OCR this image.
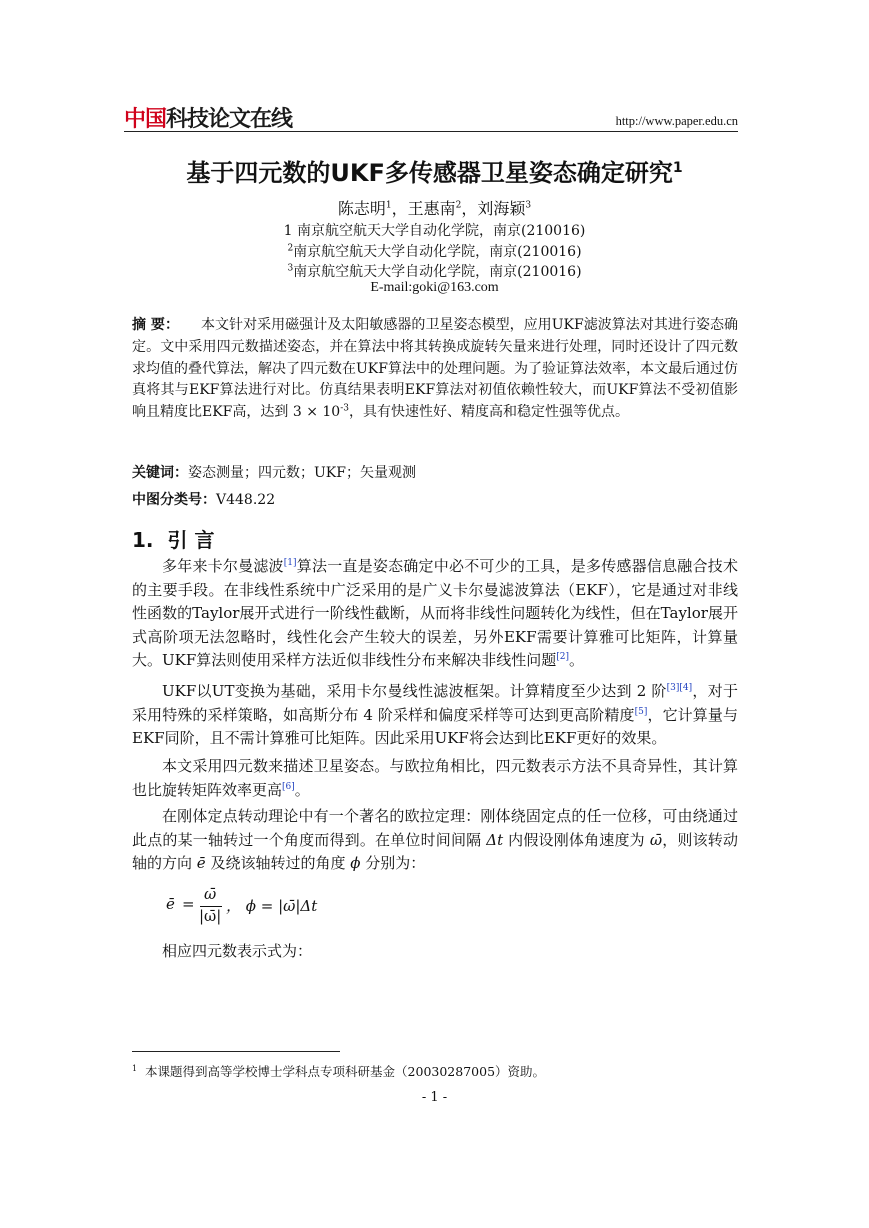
中国科技论文在线	http://www.paper.edu.cn
基于四元数的UKF多传感器卫星姿态确定研究$^1$
陈志明$^1$，王惠南$^2$，刘海颖$^3$
1 南京航空航天大学自动化学院，南京(210016)
$^2$南京航空航天大学自动化学院，南京(210016)
$^3$南京航空航天大学自动化学院，南京(210016)
E-mail:goki@163.com
摘 要： 本文针对采用磁强计及太阳敏感器的卫星姿态模型，应用UKF滤波算法对其进行姿态确定。文中采用四元数描述姿态，并在算法中将其转换成旋转矢量来进行处理，同时还设计了四元数求均值的叠代算法，解决了四元数在UKF算法中的处理问题。为了验证算法效率，本文最后通过仿真将其与EKF算法进行对比。仿真结果表明EKF算法对初值依赖性较大，而UKF算法不受初值影响且精度比EKF高，达到 $3 \times 10^{-3}$，具有快速性好、精度高和稳定性强等优点。
关键词：姿态测量；四元数；UKF；矢量观测
中图分类号：V448.22
1. 引 言

多年来卡尔曼滤波[1]算法一直是姿态确定中必不可少的工具，是多传感器信息融合技术的主要手段。在非线性系统中广泛采用的是广义卡尔曼滤波算法（EKF），它是通过对非线性函数的Taylor展开式进行一阶线性截断，从而将非线性问题转化为线性，但在Taylor展开式高阶项无法忽略时，线性化会产生较大的误差，另外EKF需要计算雅可比矩阵，计算量大。UKF算法则使用采样方法近似非线性分布来解决非线性问题[2]。

UKF以UT变换为基础，采用卡尔曼线性滤波框架。计算精度至少达到 2 阶[3][4]，对于采用特殊的采样策略，如高斯分布 4 阶采样和偏度采样等可达到更高阶精度[5]，它计算量与EKF同阶，且不需计算雅可比矩阵。因此采用UKF将会达到比EKF更好的效果。

本文采用四元数来描述卫星姿态。与欧拉角相比，四元数表示方法不具奇异性，其计算也比旋转矩阵效率更高[6]。

在刚体定点转动理论中有一个著名的欧拉定理：刚体绕固定点的任一位移，可由绕通过此点的某一轴转过一个角度而得到。在单位时间间隔 Δt 内假设刚体角速度为 ω̄，则该转动轴的方向 ē 及绕该轴转过的角度 ϕ 分别为：

ē =
ω̄
|ω̄|
， ϕ = |ω̄|Δt
相应四元数表示式为：
$^1$ 本课题得到高等学校博士学科点专项科研基金（20030287005）资助。
- 1 -
